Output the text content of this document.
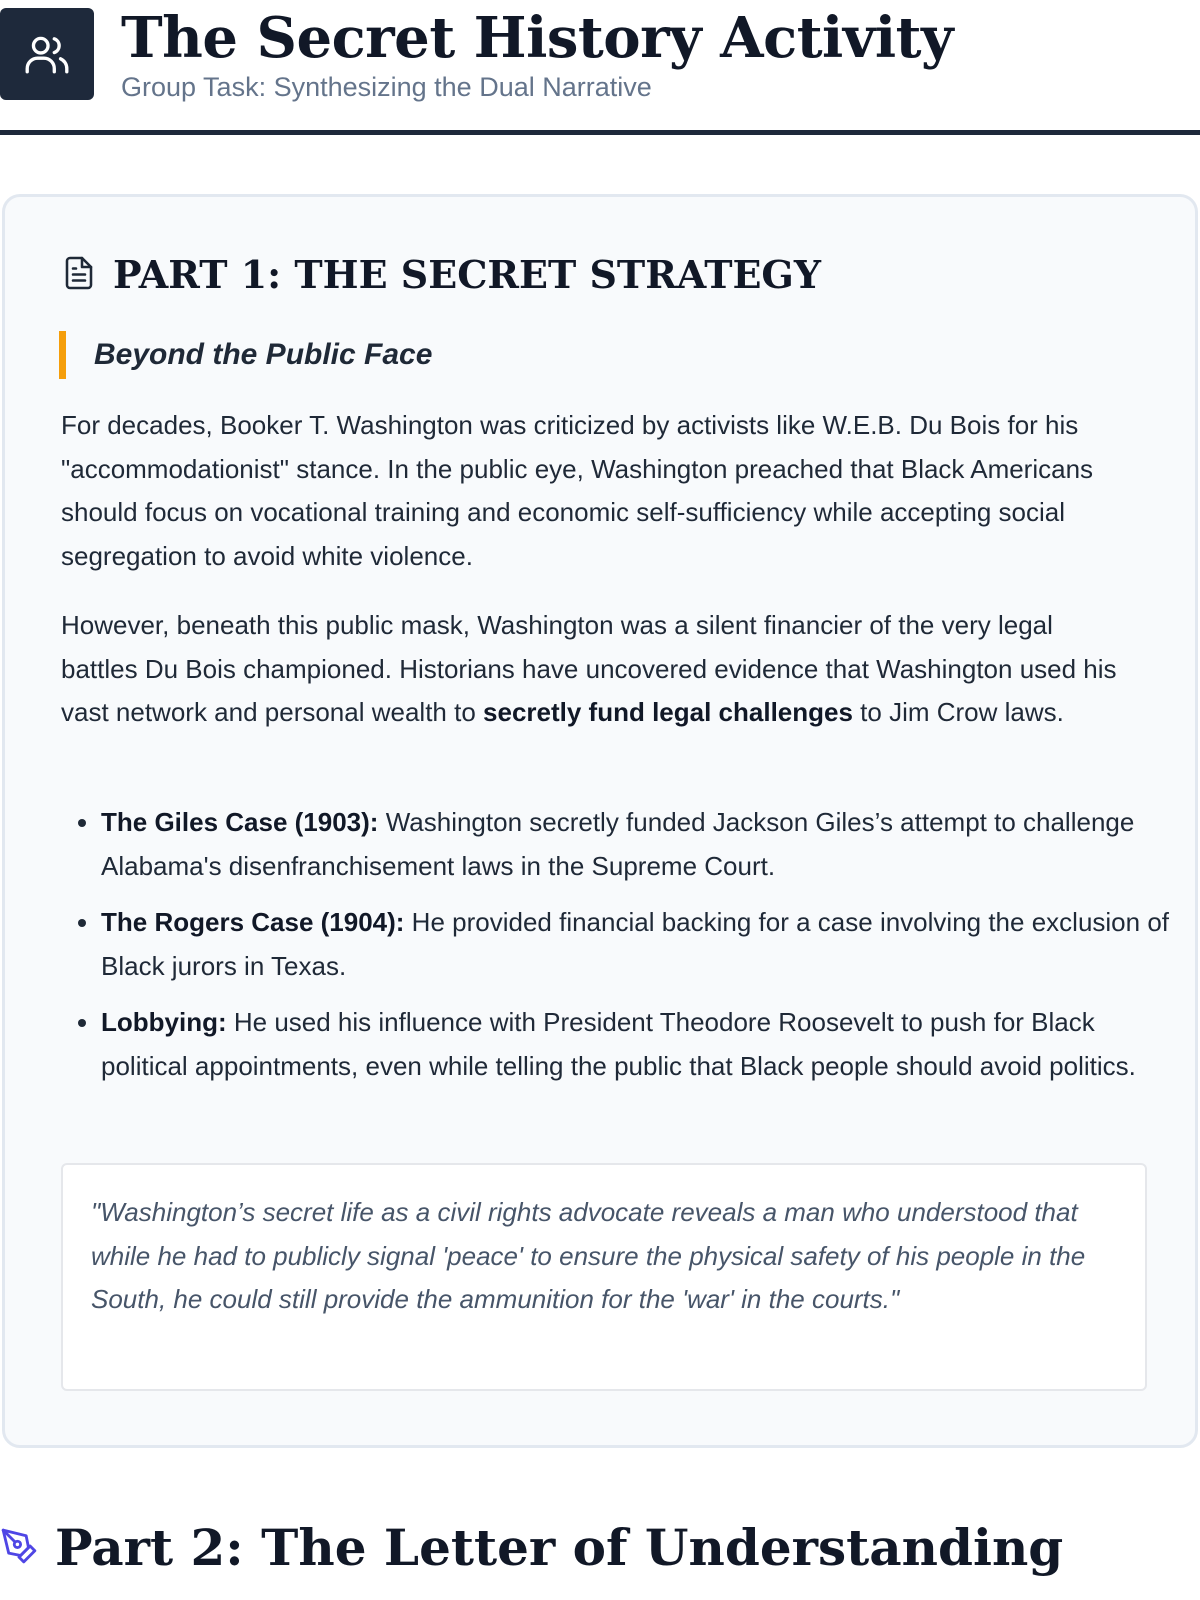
The Secret History Activity
Group Task: Synthesizing the Dual Narrative
PART 1: THE SECRET STRATEGY
Beyond the Public Face

For decades, Booker T. Washington was criticized by activists like W.E.B. Du Bois for his "accommodationist" stance. In the public eye, Washington preached that Black Americans should focus on vocational training and economic self-sufficiency while accepting social segregation to avoid white violence.

However, beneath this public mask, Washington was a silent financier of the very legal battles Du Bois championed. Historians have uncovered evidence that Washington used his vast network and personal wealth to secretly fund legal challenges to Jim Crow laws.

• The Giles Case (1903): Washington secretly funded Jackson Giles’s attempt to challenge Alabama's disenfranchisement laws in the Supreme Court.
• The Rogers Case (1904): He provided financial backing for a case involving the exclusion of Black jurors in Texas.
• Lobbying: He used his influence with President Theodore Roosevelt to push for Black political appointments, even while telling the public that Black people should avoid politics.
"Washington’s secret life as a civil rights advocate reveals a man who understood that while he had to publicly signal 'peace' to ensure the physical safety of his people in the South, he could still provide the ammunition for the 'war' in the courts."
Part 2: The Letter of Understanding
